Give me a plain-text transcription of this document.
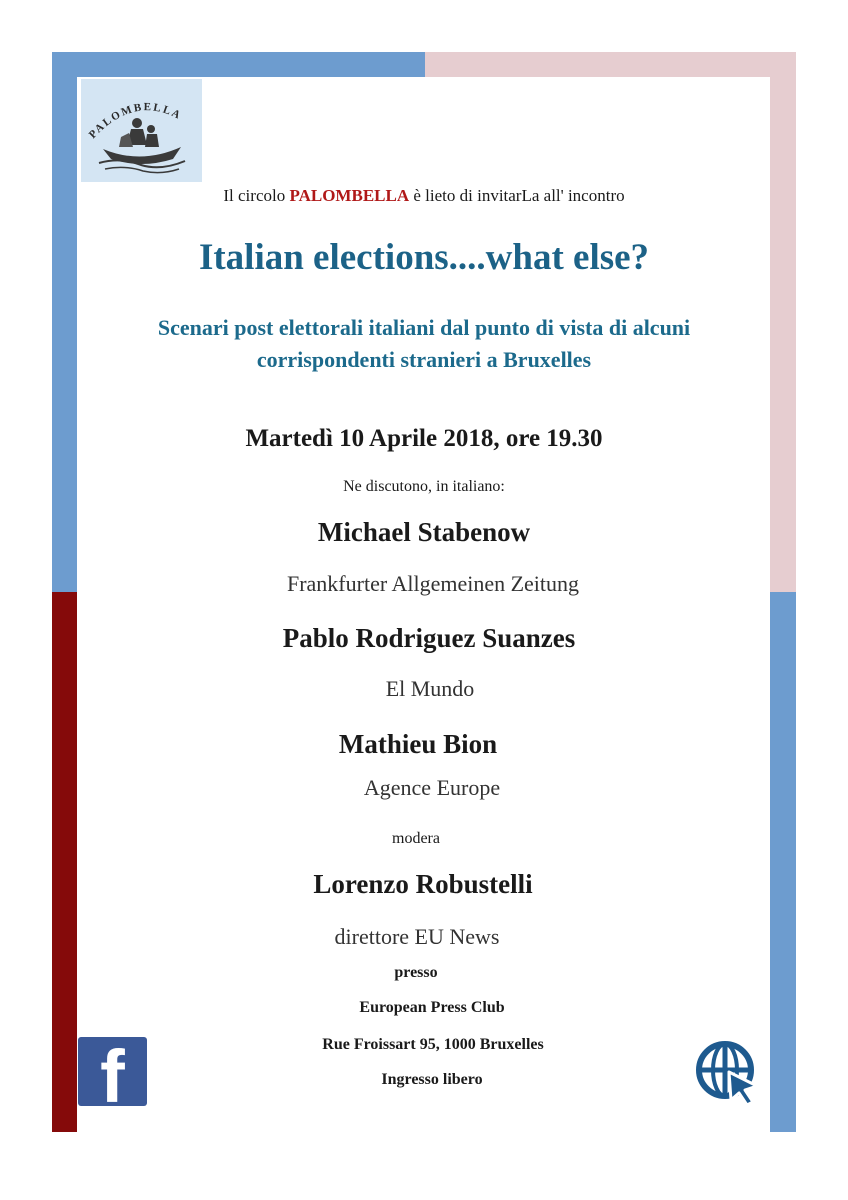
PALOMBELLA
Il circolo PALOMBELLA è lieto di invitarLa all' incontro
Italian elections....what else?
Scenari post elettorali italiani dal punto di vista di alcuni
corrispondenti stranieri a Bruxelles
Martedì 10 Aprile 2018, ore 19.30
Ne discutono, in italiano:
Michael Stabenow
Frankfurter Allgemeinen Zeitung
Pablo Rodriguez Suanzes
El Mundo
Mathieu Bion
Agence Europe
modera
Lorenzo Robustelli
direttore EU News
presso
European Press Club
Rue Froissart 95, 1000 Bruxelles
Ingresso libero
f
